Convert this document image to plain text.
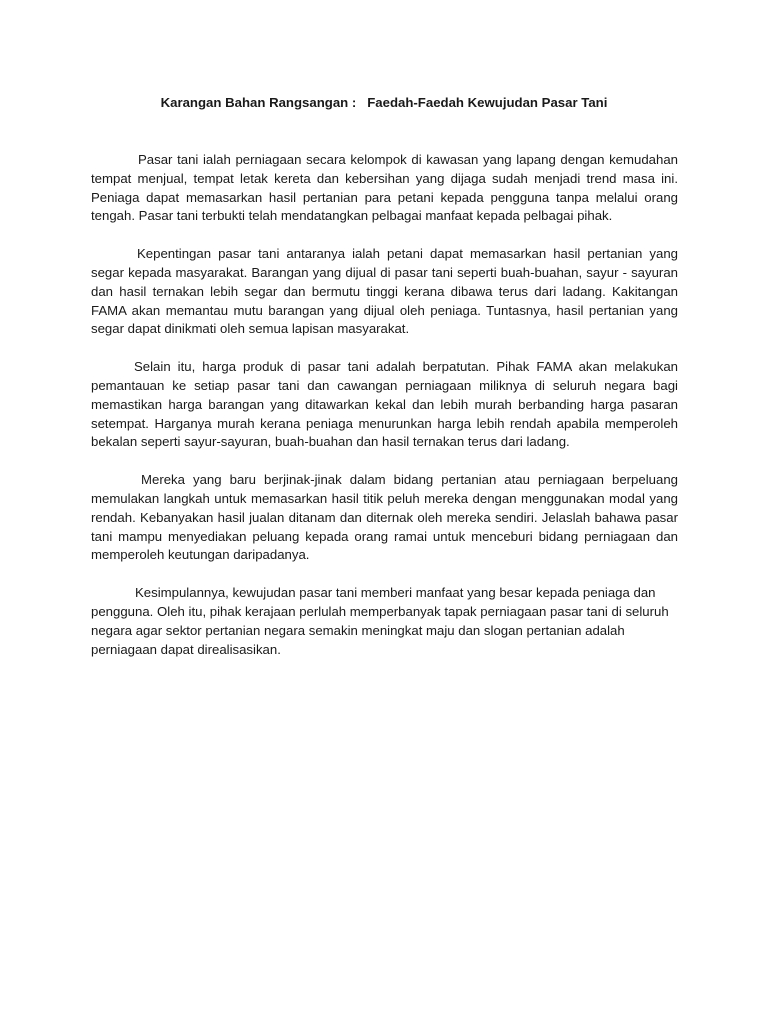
Karangan Bahan Rangsangan :   Faedah-Faedah Kewujudan Pasar Tani

Pasar tani ialah perniagaan secara kelompok di kawasan yang lapang dengan kemudahan tempat menjual, tempat letak kereta dan kebersihan yang dijaga sudah menjadi trend masa ini. Peniaga dapat memasarkan hasil pertanian para petani kepada pengguna tanpa melalui orang tengah. Pasar tani terbukti telah mendatangkan pelbagai manfaat kepada pelbagai pihak.

Kepentingan pasar tani antaranya ialah petani dapat memasarkan hasil pertanian yang segar kepada masyarakat. Barangan yang dijual di pasar tani seperti buah-buahan, sayur - sayuran dan hasil ternakan lebih segar dan bermutu tinggi kerana dibawa terus dari ladang. Kakitangan FAMA akan memantau mutu barangan yang dijual oleh peniaga. Tuntasnya, hasil pertanian yang segar dapat dinikmati oleh semua lapisan masyarakat.

Selain itu, harga produk di pasar tani adalah berpatutan. Pihak FAMA akan melakukan pemantauan ke setiap pasar tani dan cawangan perniagaan miliknya di seluruh negara bagi memastikan harga barangan yang ditawarkan kekal dan lebih murah berbanding harga pasaran setempat. Harganya murah kerana peniaga menurunkan harga lebih rendah apabila memperoleh bekalan seperti sayur-sayuran, buah-buahan dan hasil ternakan terus dari ladang.

Mereka yang baru berjinak-jinak dalam bidang pertanian atau perniagaan berpeluang memulakan langkah untuk memasarkan hasil titik peluh mereka dengan menggunakan modal yang rendah. Kebanyakan hasil jualan ditanam dan diternak oleh mereka sendiri. Jelaslah bahawa pasar tani mampu menyediakan peluang kepada orang ramai untuk menceburi bidang perniagaan dan memperoleh keutungan daripadanya.

Kesimpulannya, kewujudan pasar tani memberi manfaat yang besar kepada peniaga dan pengguna. Oleh itu, pihak kerajaan perlulah memperbanyak tapak perniagaan pasar tani di seluruh negara agar sektor pertanian negara semakin meningkat maju dan slogan pertanian adalah perniagaan dapat direalisasikan.
